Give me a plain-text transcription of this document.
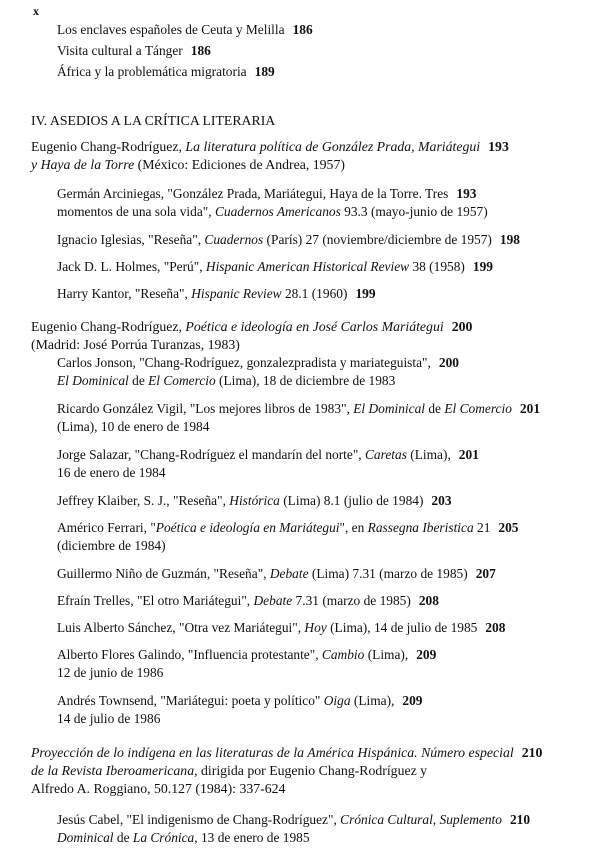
x
Los enclaves españoles de Ceuta y Melilla 186
Visita cultural a Tánger 186
África y la problemática migratoria 189
IV. ASEDIOS A LA CRÍTICA LITERARIA
Eugenio Chang-Rodríguez, La literatura política de González Prada, Mariátegui 193
y Haya de la Torre (México: Ediciones de Andrea, 1957)
Germán Arciniegas, "González Prada, Mariátegui, Haya de la Torre. Tres 193
momentos de una sola vida", Cuadernos Americanos 93.3 (mayo-junio de 1957)
Ignacio Iglesias, "Reseña", Cuadernos (París) 27 (noviembre/diciembre de 1957) 198
Jack D. L. Holmes, "Perú", Hispanic American Historical Review 38 (1958) 199
Harry Kantor, "Reseña", Hispanic Review 28.1 (1960) 199
Eugenio Chang-Rodríguez, Poética e ideología en José Carlos Mariátegui 200
(Madrid: José Porrúa Turanzas, 1983)
Carlos Jonson, "Chang-Rodríguez, gonzalezpradista y mariateguista", 200
El Dominical de El Comercio (Lima), 18 de diciembre de 1983
Ricardo González Vigil, "Los mejores libros de 1983", El Dominical de El Comercio 201
(Lima), 10 de enero de 1984
Jorge Salazar, "Chang-Rodríguez el mandarín del norte", Caretas (Lima), 201
16 de enero de 1984
Jeffrey Klaiber, S. J., "Reseña", Histórica (Lima) 8.1 (julio de 1984) 203
Américo Ferrari, "Poética e ideología en Mariátegui", en Rassegna Iberistica 21 205
(diciembre de 1984)
Guillermo Niño de Guzmán, "Reseña", Debate (Lima) 7.31 (marzo de 1985) 207
Efraín Trelles, "El otro Mariátegui", Debate 7.31 (marzo de 1985) 208
Luis Alberto Sánchez, "Otra vez Mariátegui", Hoy (Lima), 14 de julio de 1985 208
Alberto Flores Galindo, "Influencia protestante", Cambio (Lima), 209
12 de junio de 1986
Andrés Townsend, "Mariátegui: poeta y político" Oiga (Lima), 209
14 de julio de 1986
Proyección de lo indígena en las literaturas de la América Hispánica. Número especial 210
de la Revista Iberoamericana, dirigida por Eugenio Chang-Rodríguez y
Alfredo A. Roggiano, 50.127 (1984): 337-624
Jesús Cabel, "El indigenismo de Chang-Rodríguez", Crónica Cultural, Suplemento 210
Dominical de La Crónica, 13 de enero de 1985
